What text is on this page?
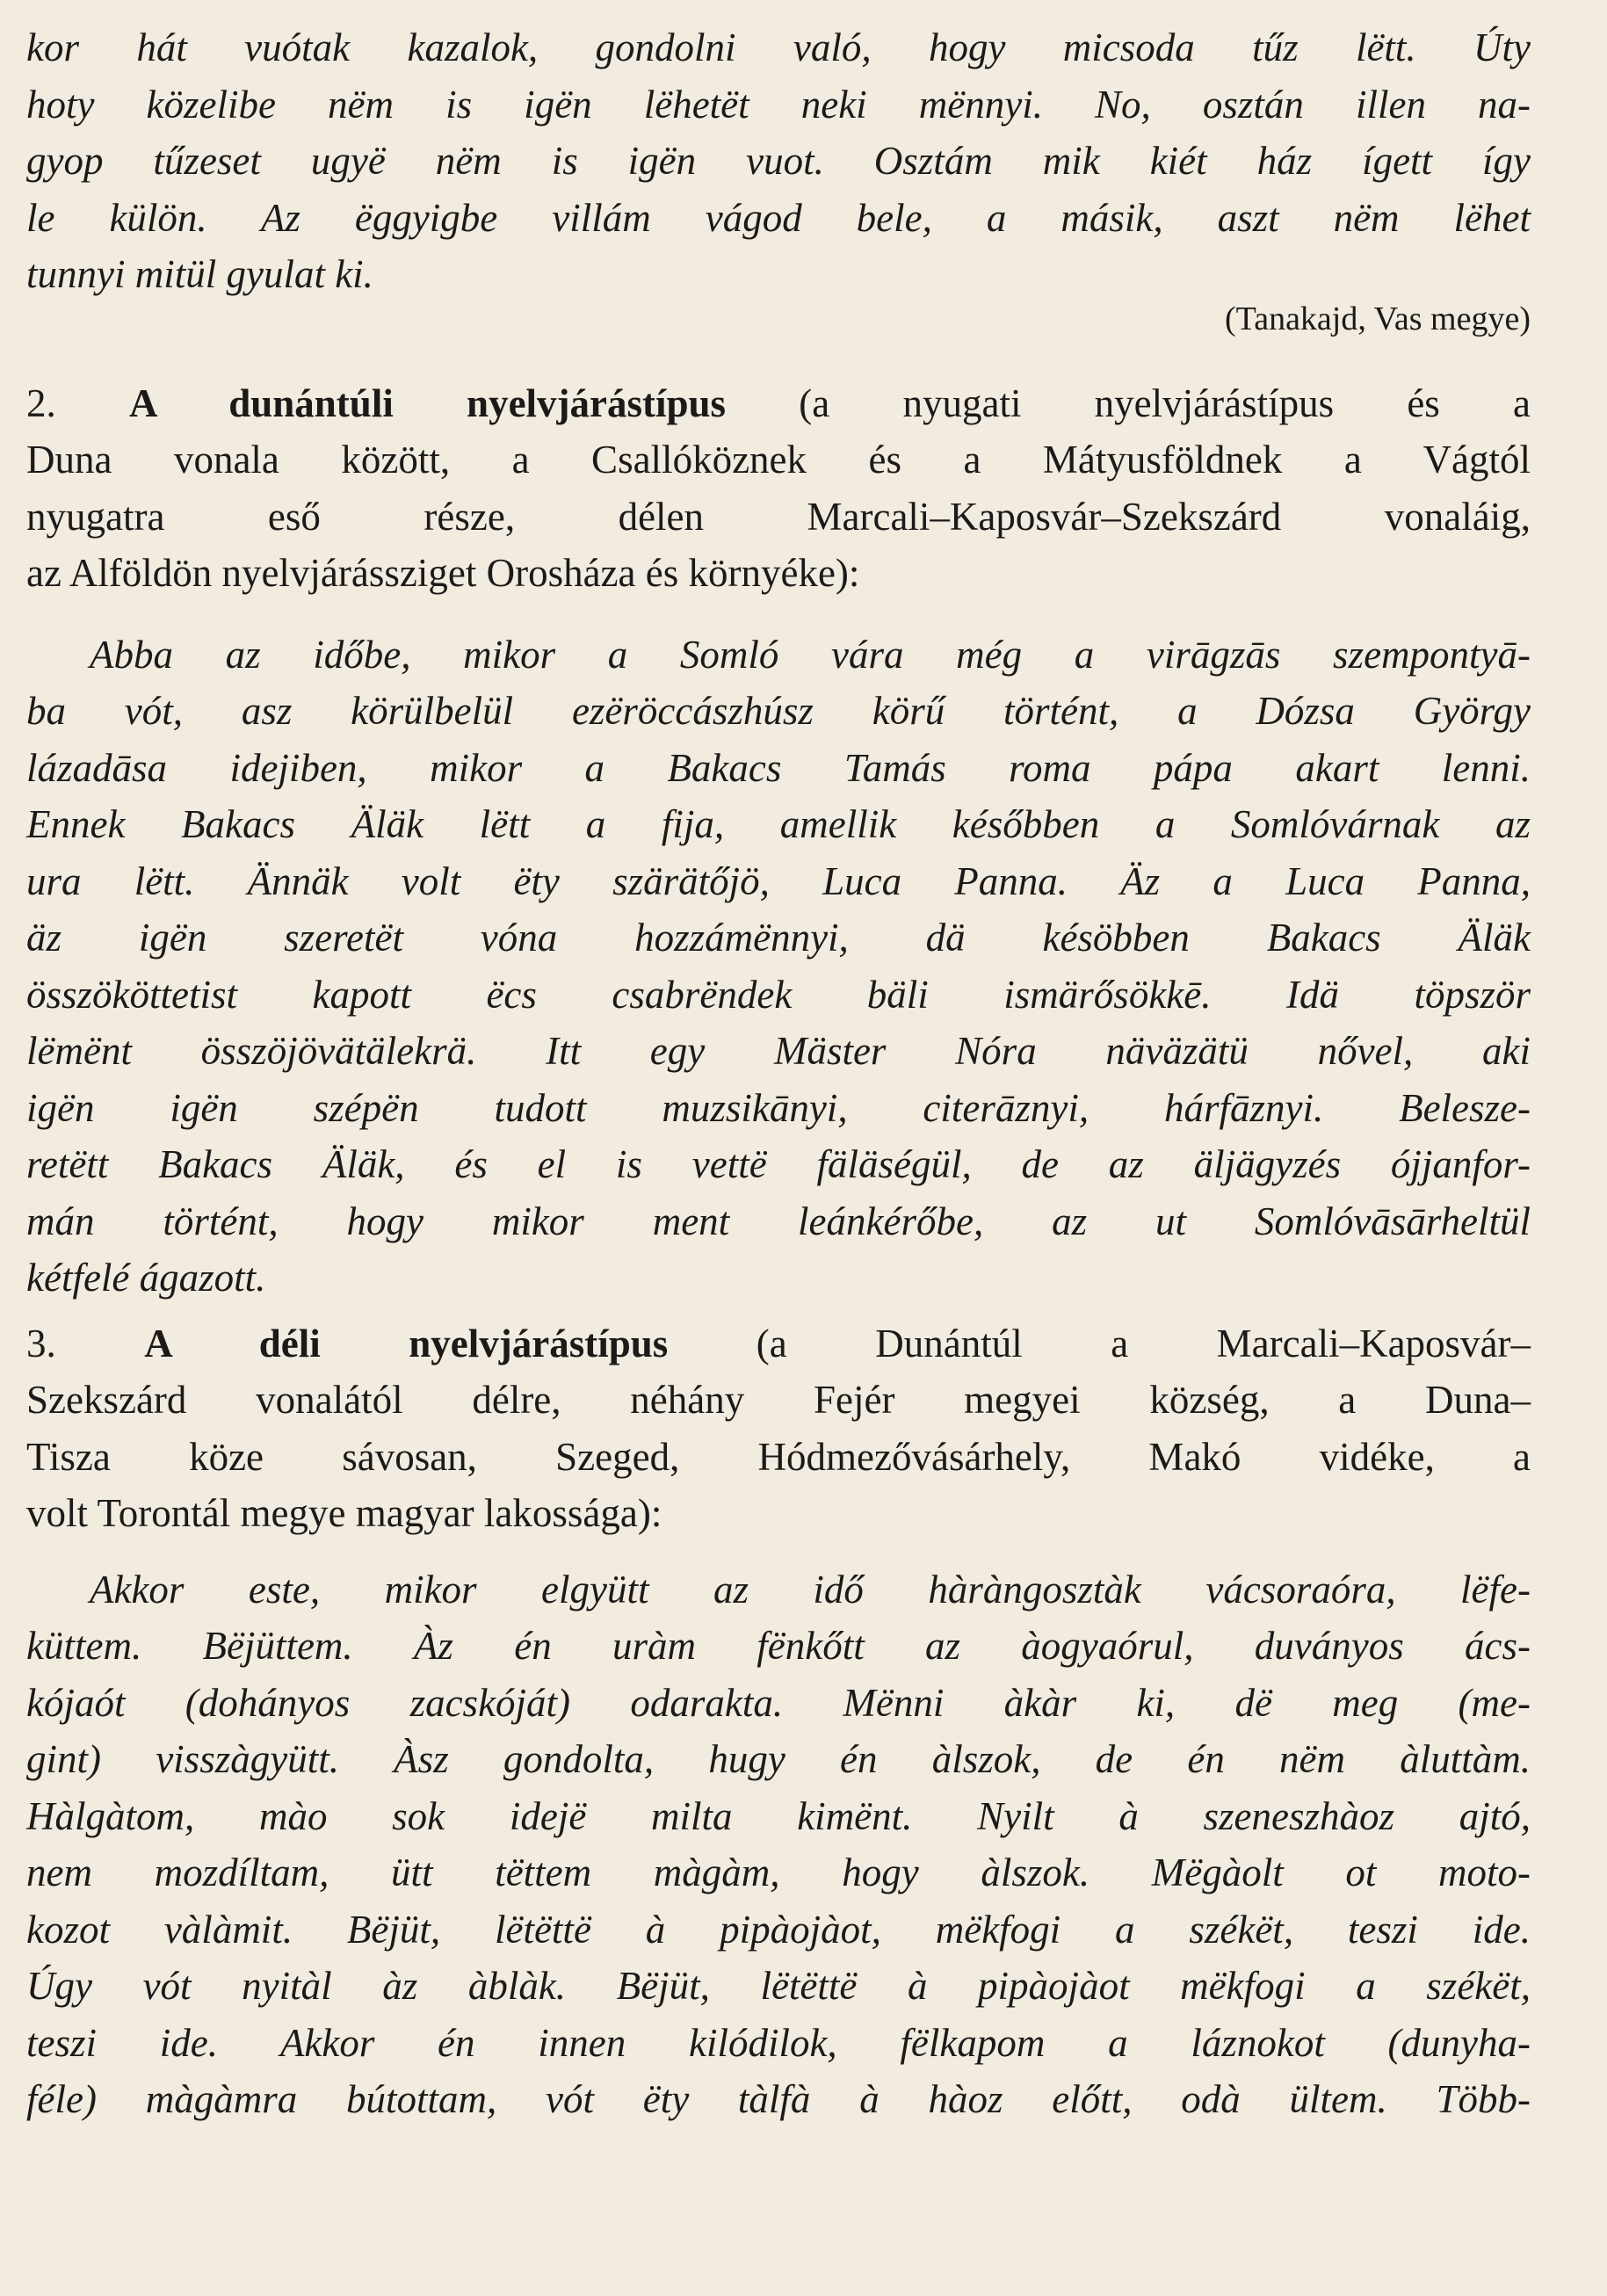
kor hát vuótak kazalok, gondolni való, hogy micsoda tűz lëtt. Úty
hoty közelibe nëm is igën lëhetët neki mënnyi. No, osztán illen na-
gyop tűzeset ugyë nëm is igën vuot. Osztám mik kiét ház ígett így
le külön. Az ëggyigbe villám vágod bele, a másik, aszt nëm lëhet
tunnyi mitül gyulat ki.
(Tanakajd, Vas megye)
2. A dunántúli nyelvjárástípus (a nyugati nyelvjárástípus és a
Duna vonala között, a Csallóköznek és a Mátyusföldnek a Vágtól
nyugatra eső része, délen Marcali–Kaposvár–Szekszárd vonaláig,
az Alföldön nyelvjárássziget Orosháza és környéke):
Abba az időbe, mikor a Somló vára még a virāgzās szempontyā-
ba vót, asz körülbelül ezëröccászhúsz körű történt, a Dózsa György
lázadāsa idejiben, mikor a Bakacs Tamás roma pápa akart lenni.
Ennek Bakacs Äläk lëtt a fija, amellik későbben a Somlóvárnak az
ura lëtt. Ännäk volt ëty szärätőjö, Luca Panna. Äz a Luca Panna,
äz igën szeretët vóna hozzámënnyi, dä késöbben Bakacs Äläk
összököttetist kapott ëcs csabrëndek bäli ismärősökkē. Idä töpször
lëmënt összöjövätälekrä. Itt egy Mäster Nóra näväzätü nővel, aki
igën igën szépën tudott muzsikānyi, citerāznyi, hárfāznyi. Belesze-
retëtt Bakacs Äläk, és el is vettë fäläségül, de az äljägyzés ójjanfor-
mán történt, hogy mikor ment leánkérőbe, az ut Somlóvāsārheltül
kétfelé ágazott.
3. A déli nyelvjárástípus (a Dunántúl a Marcali–Kaposvár–
Szekszárd vonalától délre, néhány Fejér megyei község, a Duna–
Tisza köze sávosan, Szeged, Hódmezővásárhely, Makó vidéke, a
volt Torontál megye magyar lakossága):
Akkor este, mikor elgyütt az idő hàràngosztàk vácsoraóra, lëfe-
küttem. Bëjüttem. Àz én uràm fënkőtt az àogyaórul, duványos ács-
kójaót (dohányos zacskóját) odarakta. Mënni àkàr ki, dë meg (me-
gint) visszàgyütt. Àsz gondolta, hugy én àlszok, de én nëm àluttàm.
Hàlgàtom, mào sok idejë milta kimënt. Nyilt à szeneszhàoz ajtó,
nem mozdíltam, ütt tëttem màgàm, hogy àlszok. Mëgàolt ot moto-
kozot vàlàmit. Bëjüt, lëtëttë à pipàojàot, mëkfogi a székët, teszi ide.
Úgy vót nyitàl àz àblàk. Bëjüt, lëtëttë à pipàojàot mëkfogi a székët,
teszi ide. Akkor én innen kilódilok, fëlkapom a láznokot (dunyha-
féle) màgàmra bútottam, vót ëty tàlfà à hàoz előtt, odà ültem. Több-
